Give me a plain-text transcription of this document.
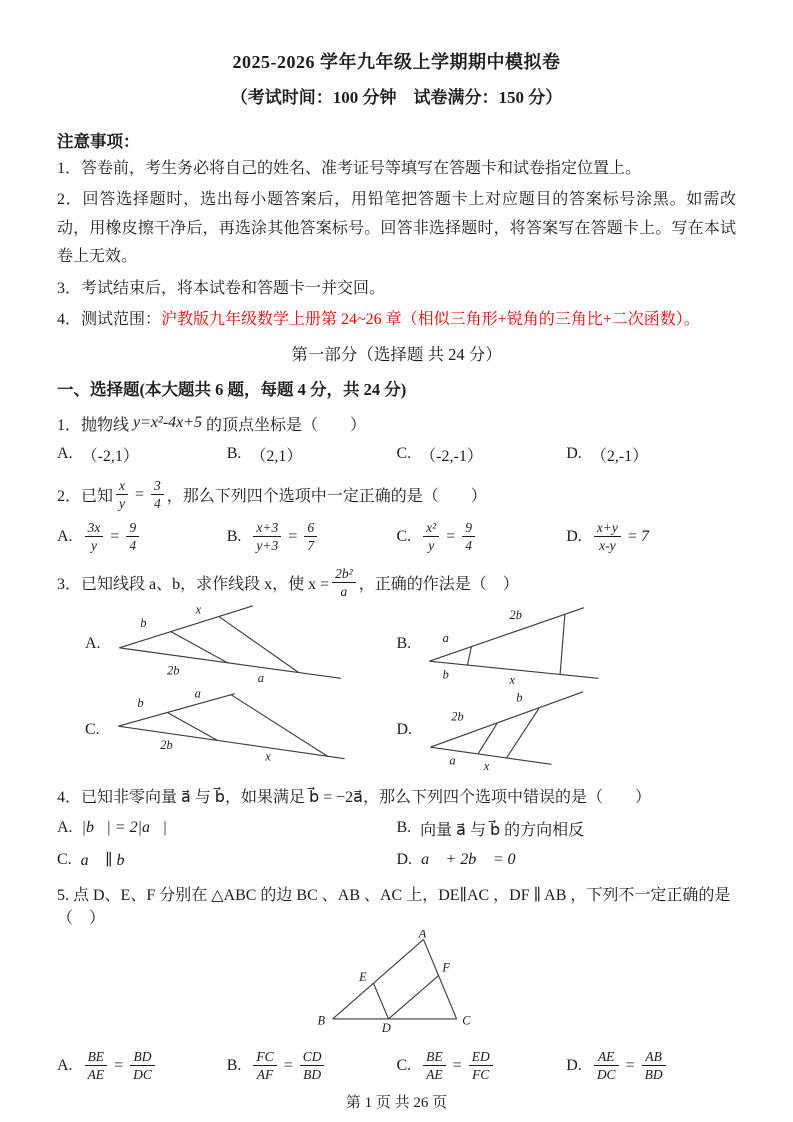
2025-2026 学年九年级上学期期中模拟卷
（考试时间：100 分钟　试卷满分：150 分）
注意事项：

1．答卷前，考生务必将自己的姓名、准考证号等填写在答题卡和试卷指定位置上。

2．回答选择题时，选出每小题答案后，用铅笔把答题卡上对应题目的答案标号涂黑。如需改动，用橡皮擦干净后，再选涂其他答案标号。回答非选择题时，将答案写在答题卡上。写在本试卷上无效。

3．考试结束后，将本试卷和答题卡一并交回。

4．测试范围：沪教版九年级数学上册第 24~26 章（相似三角形+锐角的三角比+二次函数）。

第一部分（选择题 共 24 分）
一、选择题(本大题共 6 题，每题 4 分，共 24 分)
1．抛物线
y=x²-4x+5
的顶点坐标是（　　）
A. （-2,1）	B. （2,1）	C. （-2,-1）	D. （2,-1）
2．已知 $\frac{x}{y} = \frac{3}{4}$ ，那么下列四个选项中一定正确的是（　　）
A. $\frac{3x}{y} = \frac{9}{4}$	B. $\frac{x+3}{y+3} = \frac{6}{7}$	C. $\frac{\text{x²}}{y} = \frac{9}{4}$	D. $\frac{x+y}{x-y} = 7$
3．已知线段 a、b，求作线段 x，使 $x = \frac{\text{2b²}}{a}$ ，正确的作法是（　）
A.
b
x
2b
a
B. a
2b
b	x
C.
b
a
2b
x
D.
2b
b
a x
4．已知非零向量 a⃗ 与 b⃗，如果满足 b⃗ = −2a⃗，那么下列四个选项中错误的是（　　）
A. |b⃗| = 2|a⃗|	B. 向量 a⃗ 与 b⃗ 的方向相反
C. a⃗ ∥ b⃗	D. a⃗ + 2b⃗ = 0
5. 点 D、E、F 分别在 △ABC 的边 BC 、AB 、AC 上，DE∥AC ，DF ∥ AB ，下列不一定正确的是（　）
A
B	C
D
E
F
A. $\frac{BE}{AE} = \frac{BD}{DC}$	B. $\frac{FC}{AF} = \frac{CD}{BD}$	C. $\frac{BE}{AE} = \frac{ED}{FC}$	D. $\frac{AE}{DC} = \frac{AB}{BD}$
第 1 页 共 26 页
